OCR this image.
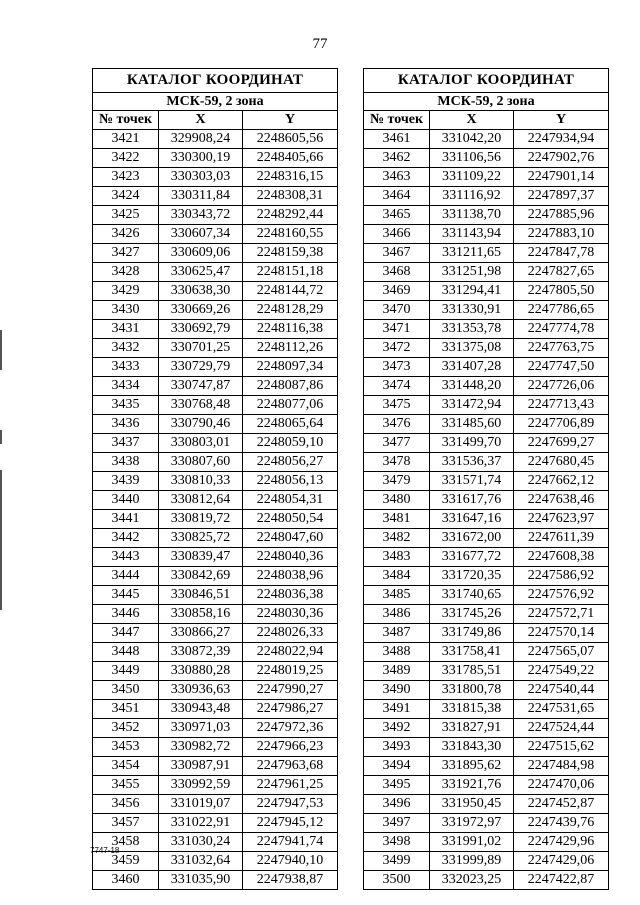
77
КАТАЛОГ КООРДИНАТ		
МСК-59, 2 зона		
№ точек	X	Y
3421	329908,24	2248605,56
3422	330300,19	2248405,66
3423	330303,03	2248316,15
3424	330311,84	2248308,31
3425	330343,72	2248292,44
3426	330607,34	2248160,55
3427	330609,06	2248159,38
3428	330625,47	2248151,18
3429	330638,30	2248144,72
3430	330669,26	2248128,29
3431	330692,79	2248116,38
3432	330701,25	2248112,26
3433	330729,79	2248097,34
3434	330747,87	2248087,86
3435	330768,48	2248077,06
3436	330790,46	2248065,64
3437	330803,01	2248059,10
3438	330807,60	2248056,27
3439	330810,33	2248056,13
3440	330812,64	2248054,31
3441	330819,72	2248050,54
3442	330825,72	2248047,60
3443	330839,47	2248040,36
3444	330842,69	2248038,96
3445	330846,51	2248036,38
3446	330858,16	2248030,36
3447	330866,27	2248026,33
3448	330872,39	2248022,94
3449	330880,28	2248019,25
3450	330936,63	2247990,27
3451	330943,48	2247986,27
3452	330971,03	2247972,36
3453	330982,72	2247966,23
3454	330987,91	2247963,68
3455	330992,59	2247961,25
3456	331019,07	2247947,53
3457	331022,91	2247945,12
3458	331030,24	2247941,74
3459	331032,64	2247940,10
3460	331035,90	2247938,87
КАТАЛОГ КООРДИНАТ		
МСК-59, 2 зона		
№ точек	X	Y
3461	331042,20	2247934,94
3462	331106,56	2247902,76
3463	331109,22	2247901,14
3464	331116,92	2247897,37
3465	331138,70	2247885,96
3466	331143,94	2247883,10
3467	331211,65	2247847,78
3468	331251,98	2247827,65
3469	331294,41	2247805,50
3470	331330,91	2247786,65
3471	331353,78	2247774,78
3472	331375,08	2247763,75
3473	331407,28	2247747,50
3474	331448,20	2247726,06
3475	331472,94	2247713,43
3476	331485,60	2247706,89
3477	331499,70	2247699,27
3478	331536,37	2247680,45
3479	331571,74	2247662,12
3480	331617,76	2247638,46
3481	331647,16	2247623,97
3482	331672,00	2247611,39
3483	331677,72	2247608,38
3484	331720,35	2247586,92
3485	331740,65	2247576,92
3486	331745,26	2247572,71
3487	331749,86	2247570,14
3488	331758,41	2247565,07
3489	331785,51	2247549,22
3490	331800,78	2247540,44
3491	331815,38	2247531,65
3492	331827,91	2247524,44
3493	331843,30	2247515,62
3494	331895,62	2247484,98
3495	331921,76	2247470,06
3496	331950,45	2247452,87
3497	331972,97	2247439,76
3498	331991,02	2247429,96
3499	331999,89	2247429,06
3500	332023,25	2247422,87
7747-18
